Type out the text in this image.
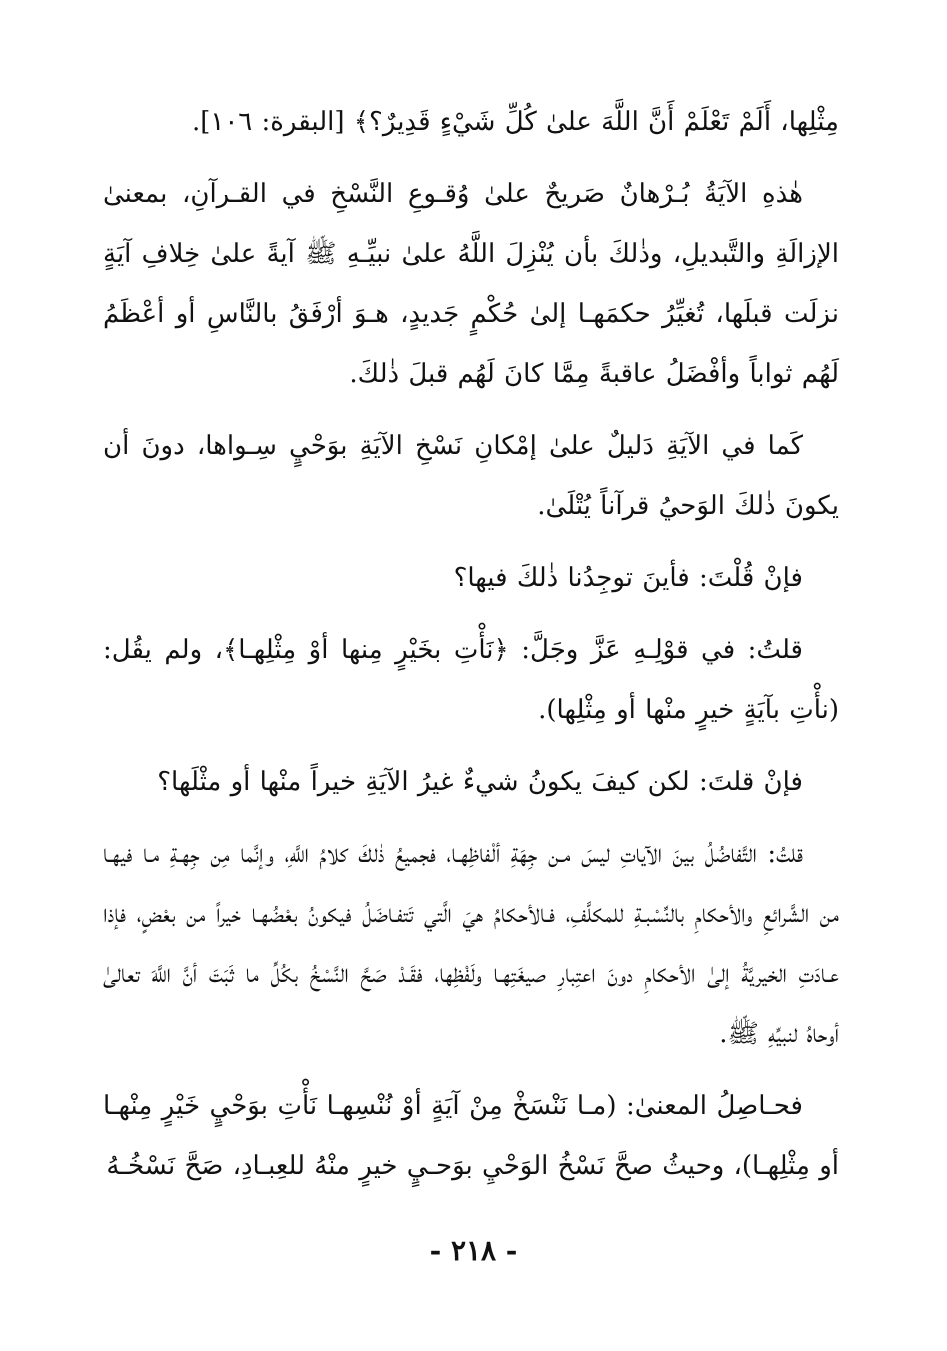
مِثْلِها، أَلَمْ تَعْلَمْ أَنَّ اللَّهَ علىٰ كُلِّ شَيْءٍ قَدِيرٌ؟﴾ [البقرة: ١٠٦].

هٰذهِ الآيَةُ بُـرْهانٌ صَريحٌ علىٰ وُقـوعِ النَّسْخِ في القـرآنِ، بمعنىٰ الإزالَةِ والتَّبديلِ، وذٰلكَ بأن يُنْزِلَ اللَّهُ علىٰ نبيِّـهِ ﷺ آيةً علىٰ خِلافِ آيَةٍ نزلَت قبلَها، تُغيِّرُ حكمَهـا إلىٰ حُكْمٍ جَديدٍ، هـوَ أرْفَقُ بالنَّاسِ أو أعْظَمُ لَهُم ثواباً وأفْضَلُ عاقبةً مِمَّا كانَ لَهُم قبلَ ذٰلكَ.

كَما في الآيَةِ دَليلٌ علىٰ إمْكانِ نَسْخِ الآيَةِ بوَحْيٍ سِـواها، دونَ أن يكونَ ذٰلكَ الوَحيُ قرآناً يُتْلَىٰ.

فإنْ قُلْتَ: فأينَ توجِدُنا ذٰلكَ فيها؟

قلتُ: في قوْلِـهِ عَزَّ وجَلَّ: ﴿نَأْتِ بخَيْرٍ مِنها أوْ مِثْلِهـا﴾، ولم يقُل: (نأْتِ بآيَةٍ خيرٍ منْها أو مِثْلِها).

فإنْ قلتَ: لكن كيفَ يكونُ شيءٌ غيرُ الآيَةِ خيراً منْها أو مثْلَها؟

قلتُ: التَّفاضُلُ بينَ الآياتِ ليسَ مـن جِهَةِ ألْفاظِهـا، فجميعُ ذٰلكَ كلامُ اللَّهِ، وإنَّما مِن جِهـةِ مـا فيهـا من الشَّرائعِ والأحكامِ بالنِّسْبـةِ للمكلَّفِ، فـالأحكامُ هيَ الَّتي تَتفـاضَلُ فيكونُ بعْضُهـا خيراً من بعْضٍ، فإذا عـادَتِ الخيريَّةُ إلىٰ الأحكامِ دونَ اعتِبارِ صيغَتِهـا ولَفْظِها، فقَـدْ صَحَّ النَّسْخُ بكُلِّ ما ثَبَتَ أنَّ اللَّهَ تعالىٰ أوحاهُ لنبيِّهِ ﷺ.

فحـاصِلُ المعنىٰ: (مـا نَنْسَخْ مِنْ آيَةٍ أوْ نُنْسِهـا نَأْتِ بوَحْيٍ خَيْرٍ مِنْهـا أو مِثْلِهـا)، وحيثُ صحَّ نَسْخُ الوَحْيِ بوَحـيٍ خيرٍ منْهُ للعِبـادِ، صَحَّ نَسْخُـهُ

- ٢١٨ -
